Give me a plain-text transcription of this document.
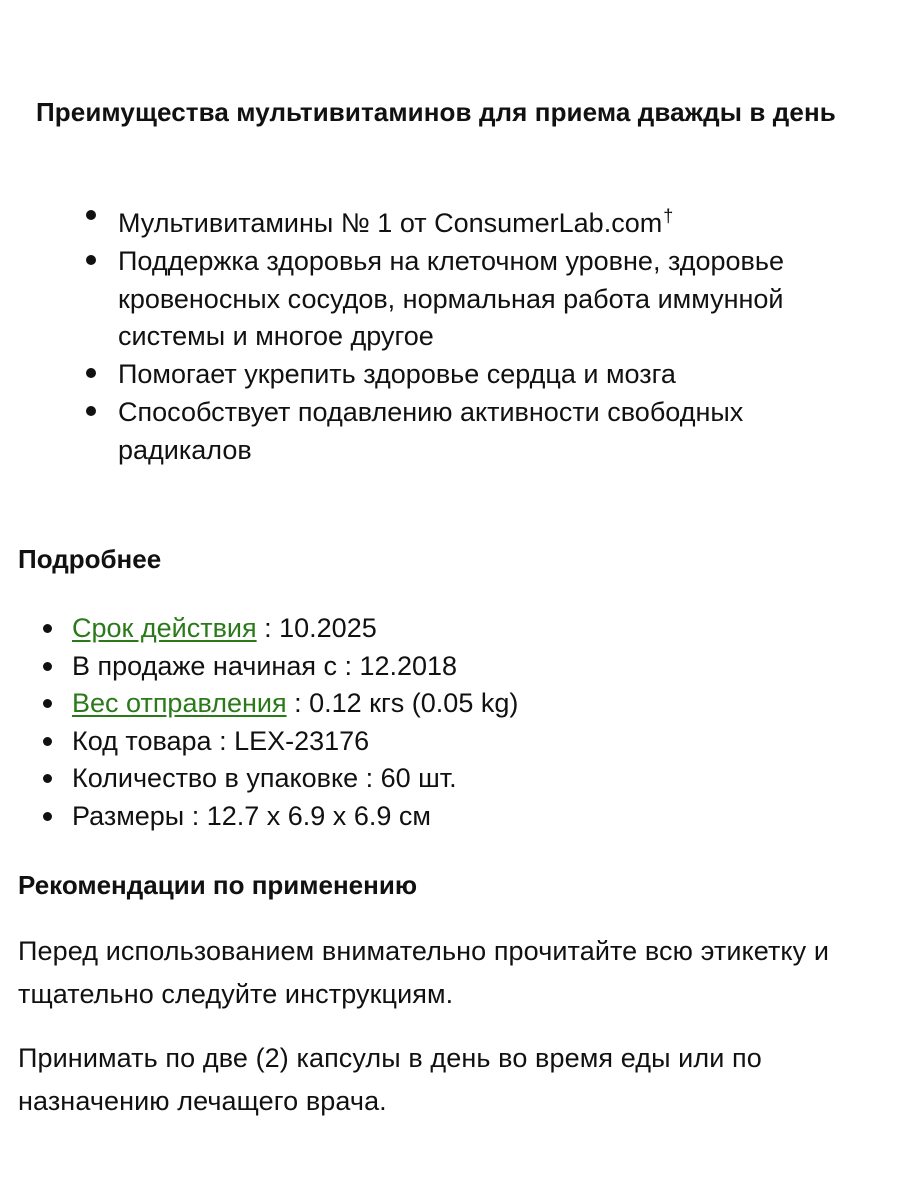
Преимущества мультивитаминов для приема дважды в день
Мультивитамины № 1 от ConsumerLab.com†
Поддержка здоровья на клеточном уровне, здоровье кровеносных сосудов, нормальная работа иммунной системы и многое другое
Помогает укрепить здоровье сердца и мозга
Способствует подавлению активности свободных радикалов
Подробнее
Срок действия : 10.2025
В продаже начиная с : 12.2018
Вес отправления : 0.12 кгs (0.05 kg)
Код товара : LEX-23176
Количество в упаковке : 60 шт.
Размеры : 12.7 x 6.9 x 6.9 см
Рекомендации по применению

Перед использованием внимательно прочитайте всю этикетку и тщательно следуйте инструкциям.

Принимать по две (2) капсулы в день во время еды или по назначению лечащего врача.
